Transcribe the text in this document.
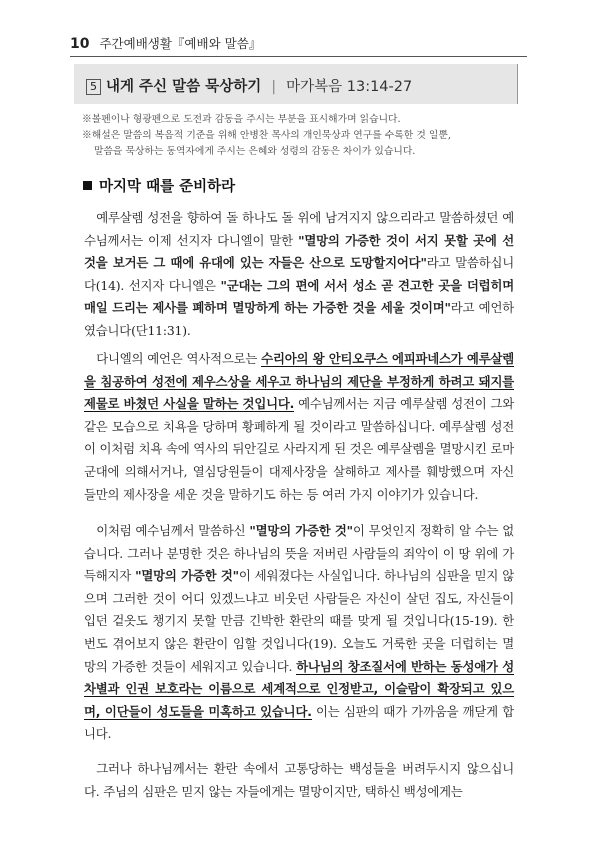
10 주간예배생활『예배와 말씀』
5 내게 주신 말씀 묵상하기 | 마가복음 13:14-27

※볼펜이나 형광펜으로 도전과 감동을 주시는 부분을 표시해가며 읽습니다.

※해설은 말씀의 복음적 기준을 위해 안병찬 목사의 개인묵상과 연구를 수록한 것 일뿐,

말씀을 묵상하는 동역자에게 주시는 은혜와 성령의 감동은 차이가 있습니다.

마지막 때를 준비하라

 예루살렘 성전을 향하여 돌 하나도 돌 위에 남겨지지 않으리라고 말씀하셨던 예수님께서는 이제 선지자 다니엘이 말한 "멸망의 가증한 것이 서지 못할 곳에 선 것을 보거든 그 때에 유대에 있는 자들은 산으로 도망할지어다"라고 말씀하십니다(14). 선지자 다니엘은 "군대는 그의 편에 서서 성소 곧 견고한 곳을 더럽히며 매일 드리는 제사를 폐하며 멸망하게 하는 가증한 것을 세울 것이며"라고 예언하였습니다(단11:31).

 다니엘의 예언은 역사적으로는 수리아의 왕 안티오쿠스 에피파네스가 예루살렘을 침공하여 성전에 제우스상을 세우고 하나님의 제단을 부정하게 하려고 돼지를 제물로 바쳤던 사실을 말하는 것입니다. 예수님께서는 지금 예루살렘 성전이 그와 같은 모습으로 치욕을 당하며 황폐하게 될 것이라고 말씀하십니다. 예루살렘 성전이 이처럼 치욕 속에 역사의 뒤안길로 사라지게 된 것은 예루살렘을 멸망시킨 로마 군대에 의해서거나, 열심당원들이 대제사장을 살해하고 제사를 훼방했으며 자신들만의 제사장을 세운 것을 말하기도 하는 등 여러 가지 이야기가 있습니다.

 이처럼 예수님께서 말씀하신 "멸망의 가증한 것"이 무엇인지 정확히 알 수는 없습니다. 그러나 분명한 것은 하나님의 뜻을 저버린 사람들의 죄악이 이 땅 위에 가득해지자 "멸망의 가증한 것"이 세워졌다는 사실입니다. 하나님의 심판을 믿지 않으며 그러한 것이 어디 있겠느냐고 비웃던 사람들은 자신이 살던 집도, 자신들이 입던 겉옷도 챙기지 못할 만큼 긴박한 환란의 때를 맞게 될 것입니다(15-19). 한 번도 겪어보지 않은 환란이 임할 것입니다(19). 오늘도 거룩한 곳을 더럽히는 멸망의 가증한 것들이 세워지고 있습니다. 하나님의 창조질서에 반하는 동성애가 성차별과 인권 보호라는 이름으로 세계적으로 인정받고, 이슬람이 확장되고 있으며, 이단들이 성도들을 미혹하고 있습니다. 이는 심판의 때가 가까움을 깨닫게 합니다.

 그러나 하나님께서는 환란 속에서 고통당하는 백성들을 버려두시지 않으십니다. 주님의 심판은 믿지 않는 자들에게는 멸망이지만, 택하신 백성에게는
